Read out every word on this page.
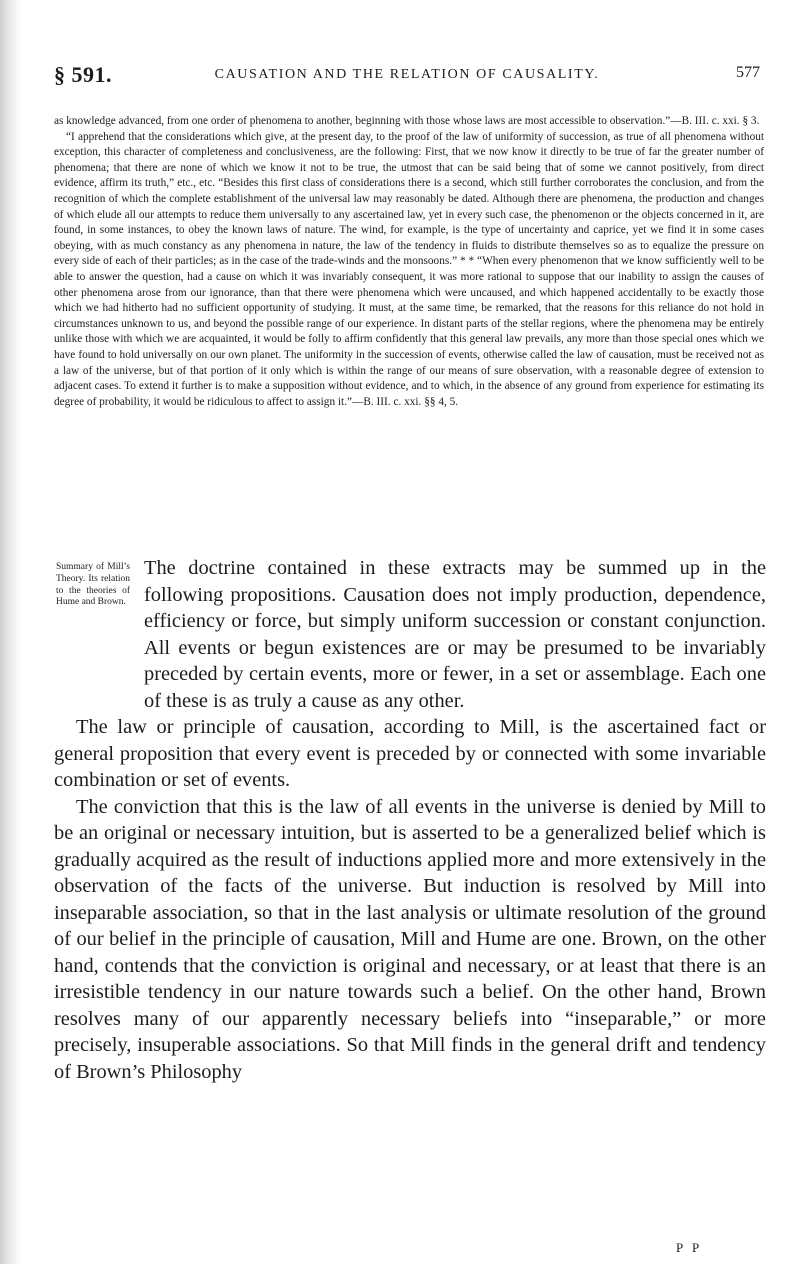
§ 591.	CAUSATION AND THE RELATION OF CAUSALITY.	577

as knowledge advanced, from one order of phenomena to another, beginning with those whose laws are most accessible to observation.”—B. III. c. xxi. § 3.

“I apprehend that the considerations which give, at the present day, to the proof of the law of uniformity of succession, as true of all phenomena without exception, this character of completeness and conclusiveness, are the following: First, that we now know it directly to be true of far the greater number of phenomena; that there are none of which we know it not to be true, the utmost that can be said being that of some we cannot positively, from direct evidence, affirm its truth,” etc., etc. “Besides this first class of considerations there is a second, which still further corroborates the conclusion, and from the recognition of which the complete establishment of the universal law may reasonably be dated. Although there are phenomena, the production and changes of which elude all our attempts to reduce them universally to any ascertained law, yet in every such case, the phenomenon or the objects concerned in it, are found, in some instances, to obey the known laws of nature. The wind, for example, is the type of uncertainty and caprice, yet we find it in some cases obeying, with as much constancy as any phenomena in nature, the law of the tendency in fluids to distribute themselves so as to equalize the pressure on every side of each of their particles; as in the case of the trade-winds and the monsoons.” * * “When every phenomenon that we know sufficiently well to be able to answer the question, had a cause on which it was invariably consequent, it was more rational to suppose that our inability to assign the causes of other phenomena arose from our ignorance, than that there were phenomena which were uncaused, and which happened accidentally to be exactly those which we had hitherto had no sufficient opportunity of studying. It must, at the same time, be remarked, that the reasons for this reliance do not hold in circumstances unknown to us, and beyond the possible range of our experience. In distant parts of the stellar regions, where the phenomena may be entirely unlike those with which we are acquainted, it would be folly to affirm confidently that this general law prevails, any more than those special ones which we have found to hold universally on our own planet. The uniformity in the succession of events, otherwise called the law of causation, must be received not as a law of the universe, but of that portion of it only which is within the range of our means of sure observation, with a reasonable degree of extension to adjacent cases. To extend it further is to make a supposition without evidence, and to which, in the absence of any ground from experience for estimating its degree of probability, it would be ridiculous to affect to assign it.”—B. III. c. xxi. §§ 4, 5.

Summary of Mill’s Theory. Its relation to the theories of Hume and Brown.

The doctrine contained in these extracts may be summed up in the following propositions. Causation does not imply production, dependence, efficiency or force, but simply uniform succession or constant conjunction. All events or begun existences are or may be presumed to be invariably preceded by certain events, more or fewer, in a set or assemblage. Each one of these is as truly a cause as any other.

The law or principle of causation, according to Mill, is the ascertained fact or general proposition that every event is preceded by or connected with some invariable combination or set of events.

The conviction that this is the law of all events in the universe is denied by Mill to be an original or necessary intuition, but is asserted to be a generalized belief which is gradually acquired as the result of inductions applied more and more extensively in the observation of the facts of the universe. But induction is resolved by Mill into inseparable association, so that in the last analysis or ultimate resolution of the ground of our belief in the principle of causation, Mill and Hume are one. Brown, on the other hand, contends that the conviction is original and necessary, or at least that there is an irresistible tendency in our nature towards such a belief. On the other hand, Brown resolves many of our apparently necessary beliefs into “inseparable,” or more precisely, insuperable associations. So that Mill finds in the general drift and tendency of Brown’s Philosophy

P P
